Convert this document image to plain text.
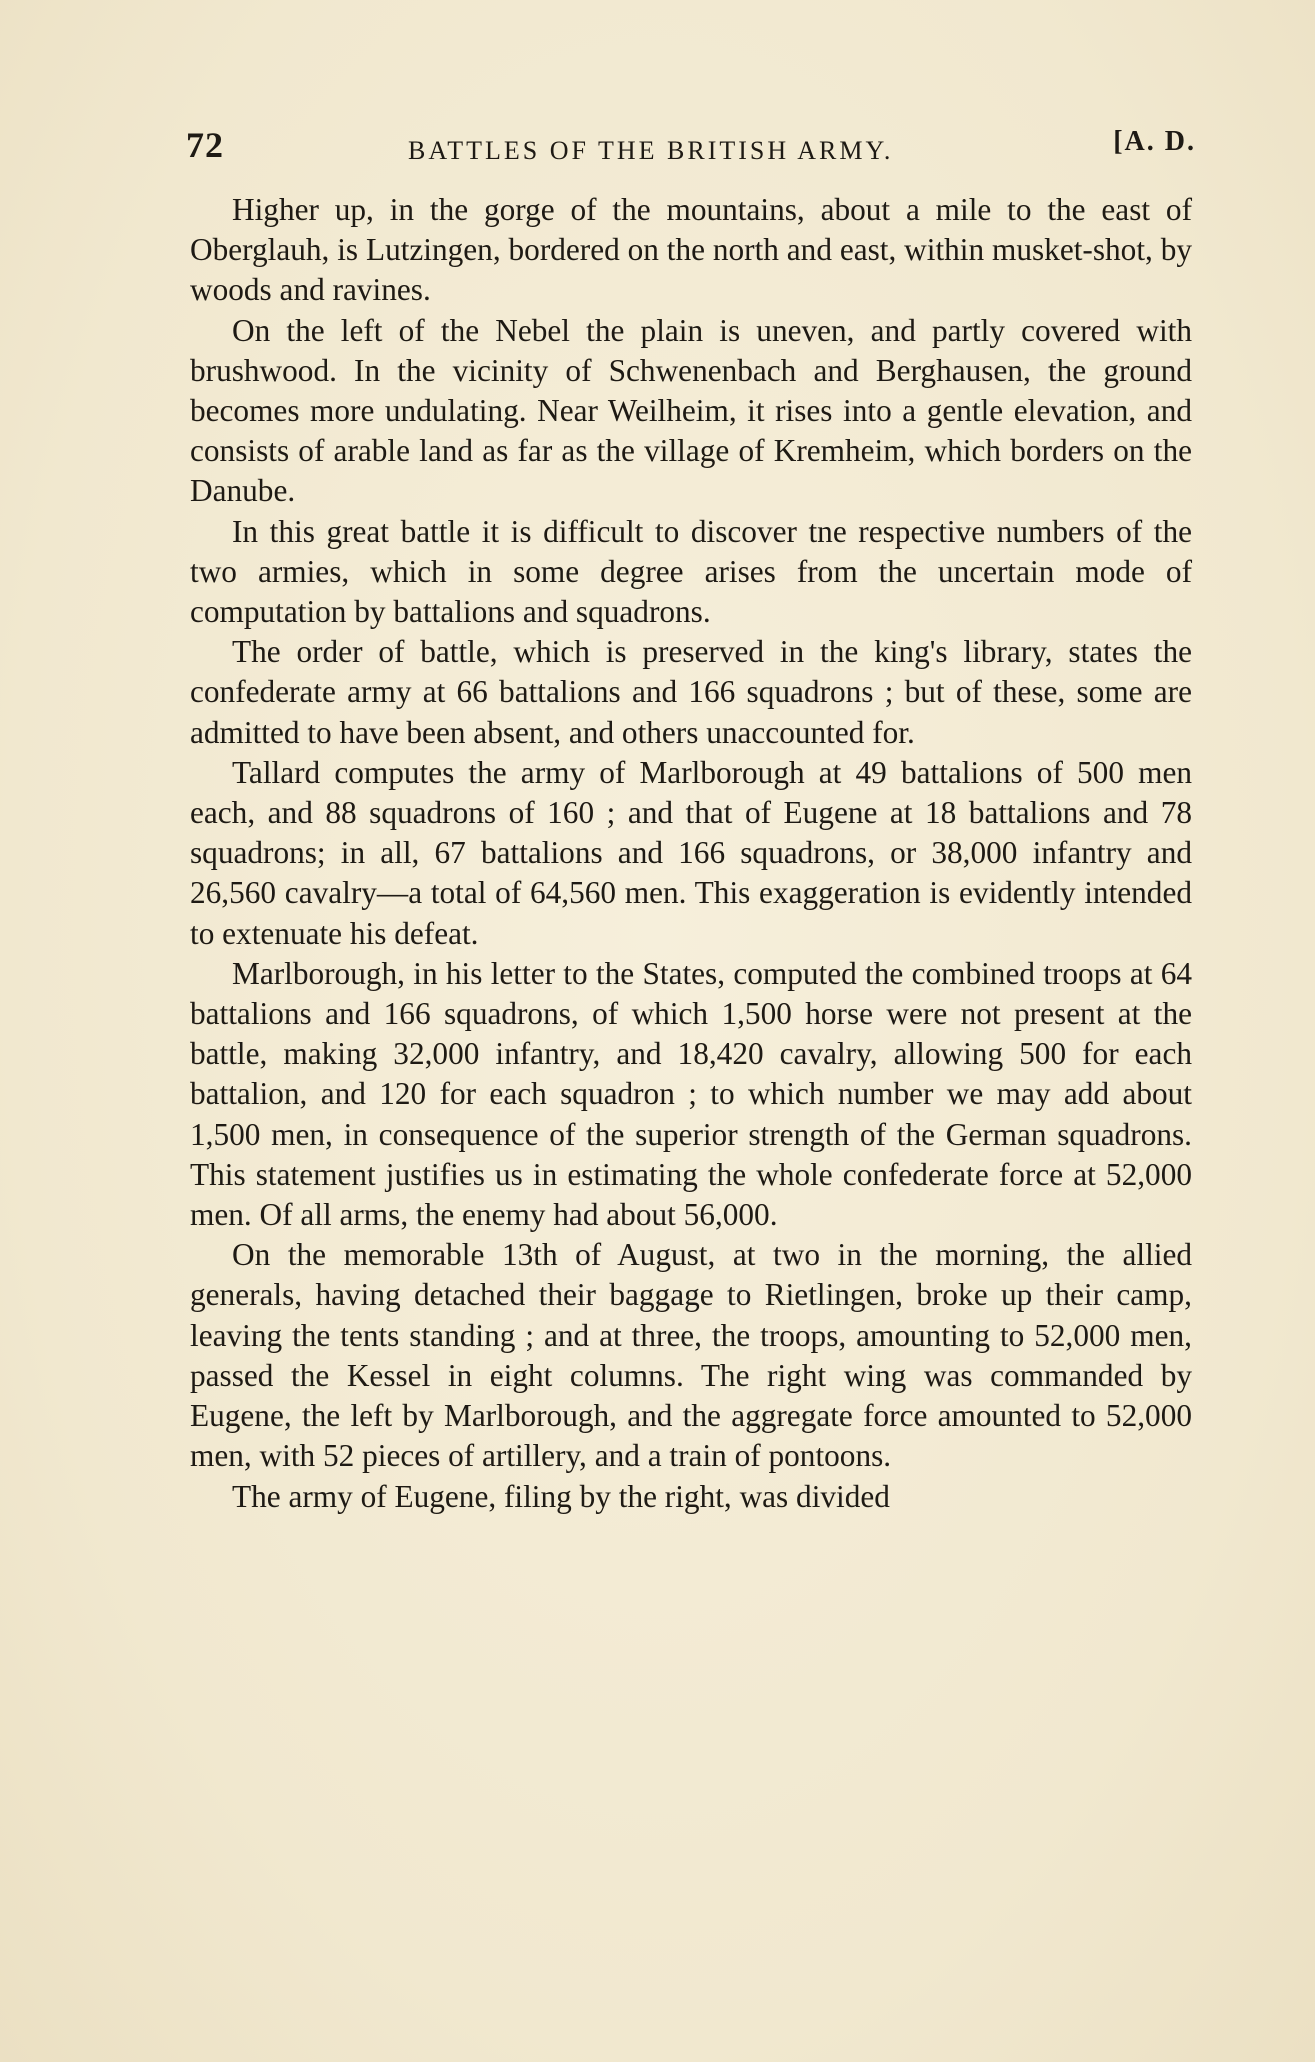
72	BATTLES OF THE BRITISH ARMY.	[A. D.

Higher up, in the gorge of the mountains, about a mile to the east of Oberglauh, is Lutzingen, bordered on the north and east, within musket-shot, by woods and ravines.

On the left of the Nebel the plain is uneven, and partly covered with brushwood. In the vicinity of Schwenenbach and Berghausen, the ground becomes more undulating. Near Weilheim, it rises into a gentle elevation, and consists of arable land as far as the village of Kremheim, which borders on the Danube.

In this great battle it is difficult to discover tne respective numbers of the two armies, which in some degree arises from the uncertain mode of computation by battalions and squadrons.

The order of battle, which is preserved in the king's library, states the confederate army at 66 battalions and 166 squadrons ; but of these, some are admitted to have been absent, and others unaccounted for.

Tallard computes the army of Marlborough at 49 battalions of 500 men each, and 88 squadrons of 160 ; and that of Eugene at 18 battalions and 78 squadrons; in all, 67 battalions and 166 squadrons, or 38,000 infantry and 26,560 cavalry—a total of 64,560 men. This exaggeration is evidently intended to extenuate his defeat.

Marlborough, in his letter to the States, computed the combined troops at 64 battalions and 166 squadrons, of which 1,500 horse were not present at the battle, making 32,000 infantry, and 18,420 cavalry, allowing 500 for each battalion, and 120 for each squadron ; to which number we may add about 1,500 men, in consequence of the superior strength of the German squadrons. This statement justifies us in estimating the whole confederate force at 52,000 men. Of all arms, the enemy had about 56,000.

On the memorable 13th of August, at two in the morning, the allied generals, having detached their baggage to Rietlingen, broke up their camp, leaving the tents standing ; and at three, the troops, amounting to 52,000 men, passed the Kessel in eight columns. The right wing was commanded by Eugene, the left by Marlborough, and the aggregate force amounted to 52,000 men, with 52 pieces of artillery, and a train of pontoons.

The army of Eugene, filing by the right, was divided
